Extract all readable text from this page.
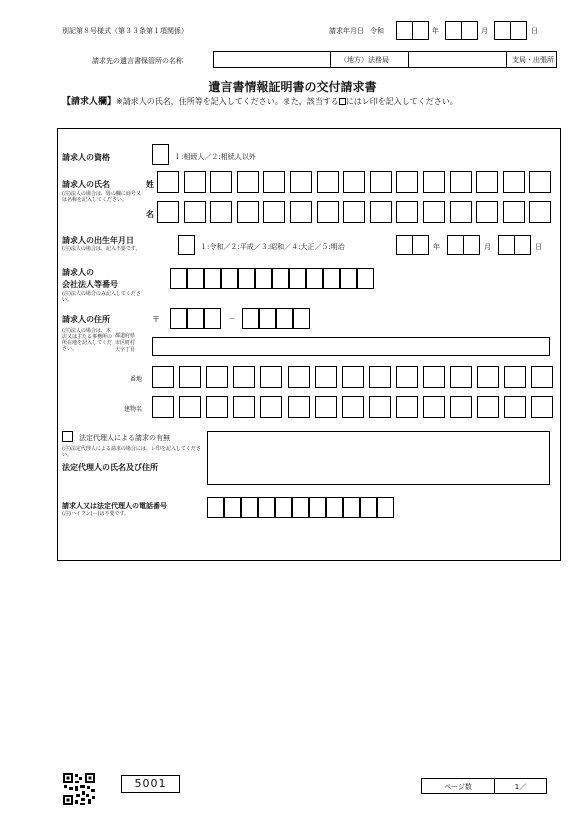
別記第８号様式（第３３条第１項関係）	請求年月日 令和	年	月	日
請求先の遺言書保管所の名称	（地方）法務局	支局・出張所
遺言書情報証明書の交付請求書
【請求人欄】※請求人の氏名，住所等を記入してください。また，該当する にはレ印を記入してください。
請求人の資格	１:相続人／２:相続人以外
請求人の氏名
(注)法人の場合は、姓の欄に商号又は名称を記入してください。
姓
名
請求人の出生年月日
(注)法人の場合は、記入不要です。	１:令和／２:平成／３:昭和／４:大正／５:明治	年	月	日
請求人の
会社法人等番号
(注)法人の場合のみ記入してください。
請求人の住所	〒	－
(注)法人の場合は、本店又は主たる事務所の所在地を記入してください。
都道府県
市区町村
大字丁目
番地
建物名
法定代理人による請求の有無
(注)法定代理人による請求の場合には、レ印を記入してください。
法定代理人の氏名及び住所
請求人又は法定代理人の電話番号
(注)ハイフン(－)は不要です。
5001	ページ数	1／
